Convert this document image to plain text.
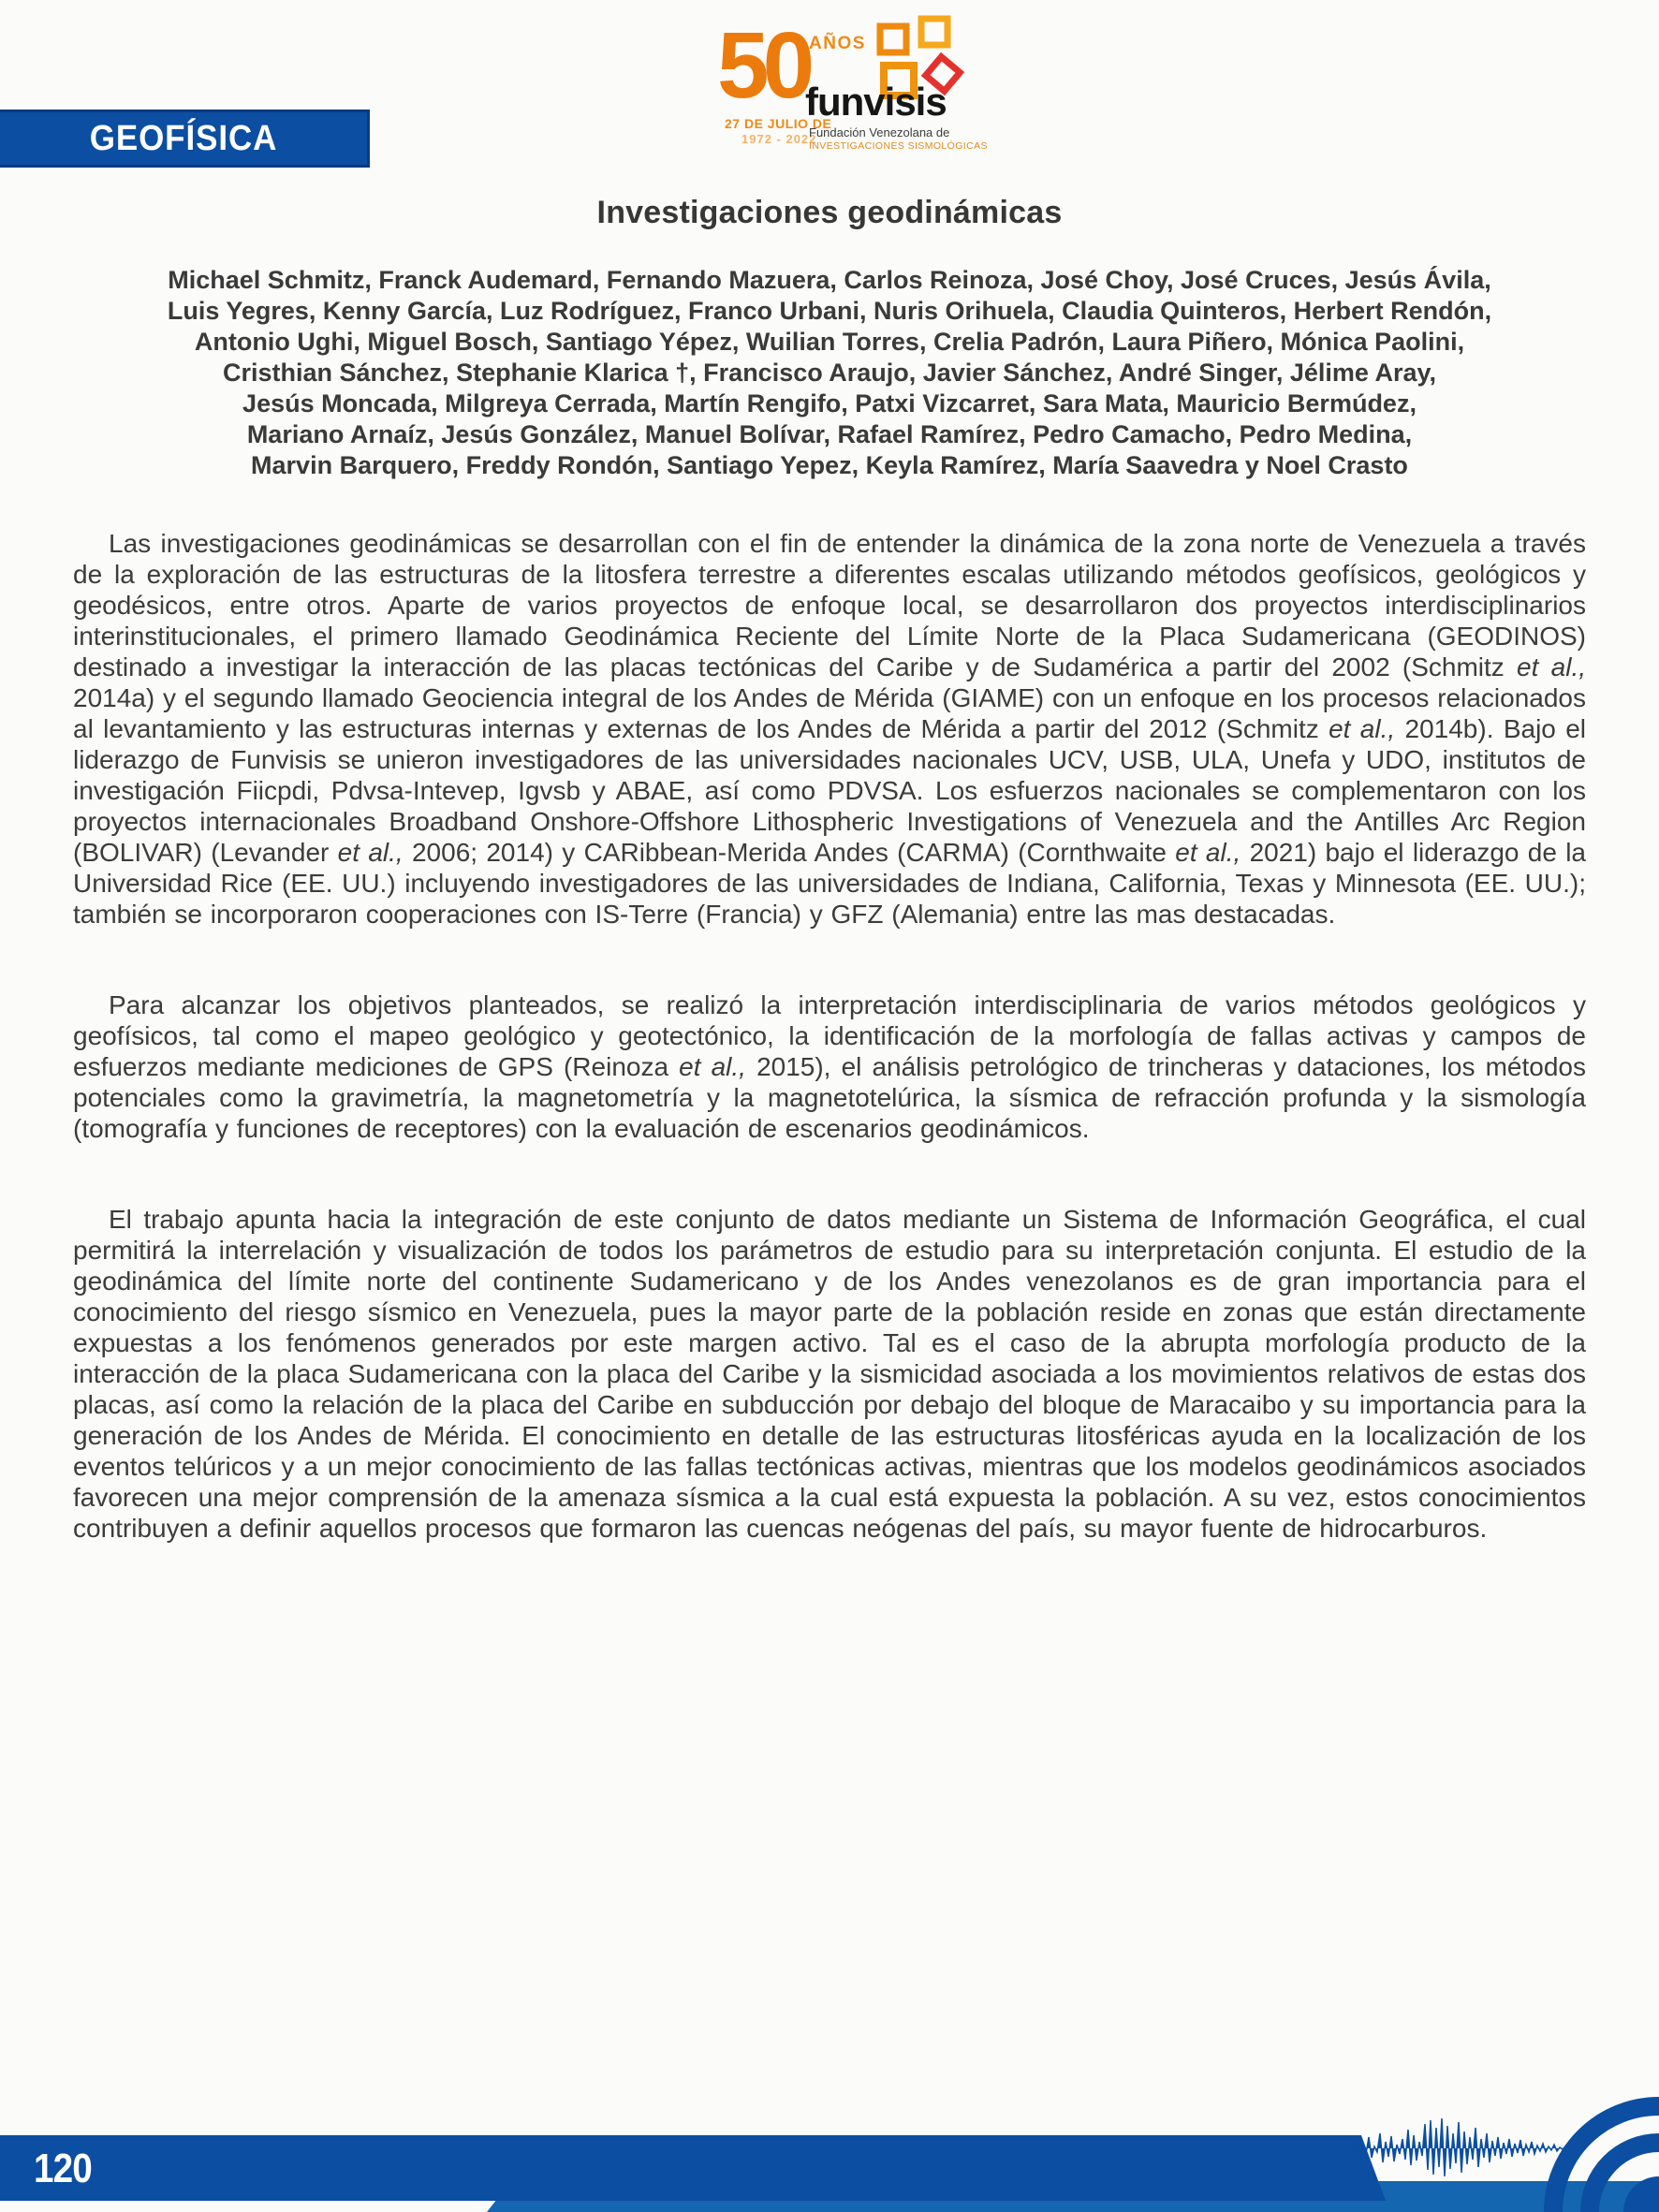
50
27 DE JULIO DE
1972 - 2022
AÑOS
funvisis
Fundación Venezolana de
INVESTIGACIONES SISMOLÓGICAS
GEOFÍSICA
Investigaciones geodinámicas
Michael Schmitz, Franck Audemard, Fernando Mazuera, Carlos Reinoza, José Choy, José Cruces, Jesús Ávila,
Luis Yegres, Kenny García, Luz Rodríguez, Franco Urbani, Nuris Orihuela, Claudia Quinteros, Herbert Rendón,
Antonio Ughi, Miguel Bosch, Santiago Yépez, Wuilian Torres, Crelia Padrón, Laura Piñero, Mónica Paolini,
Cristhian Sánchez, Stephanie Klarica †, Francisco Araujo, Javier Sánchez, André Singer, Jélime Aray,
Jesús Moncada, Milgreya Cerrada, Martín Rengifo, Patxi Vizcarret, Sara Mata, Mauricio Bermúdez,
Mariano Arnaíz, Jesús González, Manuel Bolívar, Rafael Ramírez, Pedro Camacho, Pedro Medina,
Marvin Barquero, Freddy Rondón, Santiago Yepez, Keyla Ramírez, María Saavedra y Noel Crasto

Las investigaciones geodinámicas se desarrollan con el fin de entender la dinámica de la zona norte de Venezuela a través de la exploración de las estructuras de la litosfera terrestre a diferentes escalas utilizando métodos geofísicos, geológicos y geodésicos, entre otros. Aparte de varios proyectos de enfoque local, se desarrollaron dos proyectos interdisciplinarios interinstitucionales, el primero llamado Geodinámica Reciente del Límite Norte de la Placa Sudamericana (GEODINOS) destinado a investigar la interacción de las placas tectónicas del Caribe y de Sudamérica a partir del 2002 (Schmitz et al., 2014a) y el segundo llamado Geociencia integral de los Andes de Mérida (GIAME) con un enfoque en los procesos relacionados al levantamiento y las estructuras internas y externas de los Andes de Mérida a partir del 2012 (Schmitz et al., 2014b). Bajo el liderazgo de Funvisis se unieron investigadores de las universidades nacionales UCV, USB, ULA, Unefa y UDO, institutos de investigación Fiicpdi, Pdvsa-Intevep, Igvsb y ABAE, así como PDVSA. Los esfuerzos nacionales se complementaron con los proyectos internacionales Broadband Onshore-Offshore Lithospheric Investigations of Venezuela and the Antilles Arc Region (BOLIVAR) (Levander et al., 2006; 2014) y CARibbean-Merida Andes (CARMA) (Cornthwaite et al., 2021) bajo el liderazgo de la Universidad Rice (EE. UU.) incluyendo investigadores de las universidades de Indiana, California, Texas y Minnesota (EE. UU.); también se incorporaron cooperaciones con IS-Terre (Francia) y GFZ (Alemania) entre las mas destacadas.

Para alcanzar los objetivos planteados, se realizó la interpretación interdisciplinaria de varios métodos geológicos y geofísicos, tal como el mapeo geológico y geotectónico, la identificación de la morfología de fallas activas y campos de esfuerzos mediante mediciones de GPS (Reinoza et al., 2015), el análisis petrológico de trincheras y dataciones, los métodos potenciales como la gravimetría, la magnetometría y la magnetotelúrica, la sísmica de refracción profunda y la sismología (tomografía y funciones de receptores) con la evaluación de escenarios geodinámicos.

El trabajo apunta hacia la integración de este conjunto de datos mediante un Sistema de Información Geográfica, el cual permitirá la interrelación y visualización de todos los parámetros de estudio para su interpretación conjunta. El estudio de la geodinámica del límite norte del continente Sudamericano y de los Andes venezolanos es de gran importancia para el conocimiento del riesgo sísmico en Venezuela, pues la mayor parte de la población reside en zonas que están directamente expuestas a los fenómenos generados por este margen activo. Tal es el caso de la abrupta morfología producto de la interacción de la placa Sudamericana con la placa del Caribe y la sismicidad asociada a los movimientos relativos de estas dos placas, así como la relación de la placa del Caribe en subducción por debajo del bloque de Maracaibo y su importancia para la generación de los Andes de Mérida. El conocimiento en detalle de las estructuras litosféricas ayuda en la localización de los eventos telúricos y a un mejor conocimiento de las fallas tectónicas activas, mientras que los modelos geodinámicos asociados favorecen una mejor comprensión de la amenaza sísmica a la cual está expuesta la población. A su vez, estos conocimientos contribuyen a definir aquellos procesos que formaron las cuencas neógenas del país, su mayor fuente de hidrocarburos.

120
